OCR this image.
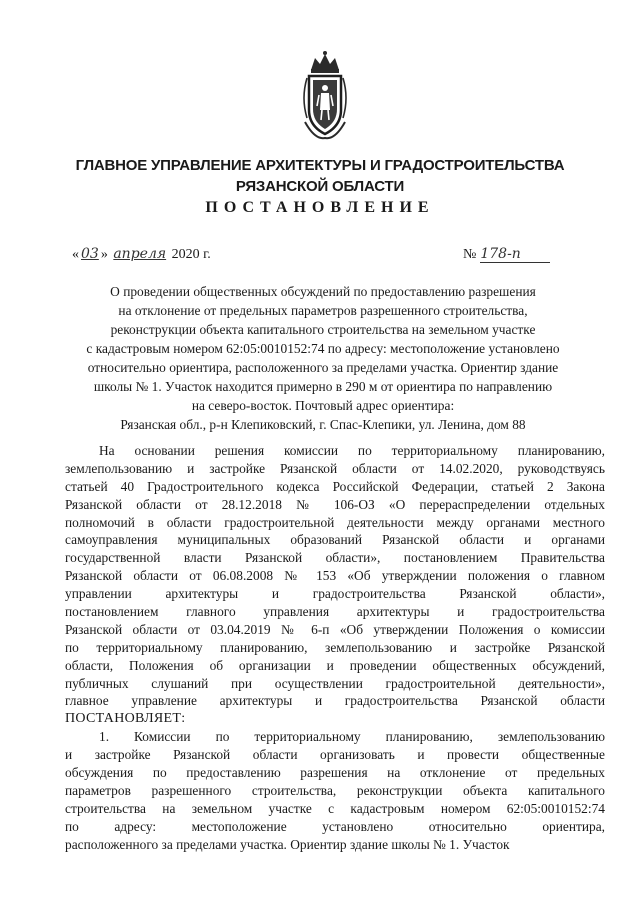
ГЛАВНОЕ УПРАВЛЕНИЕ АРХИТЕКТУРЫ И ГРАДОСТРОИТЕЛЬСТВА
РЯЗАНСКОЙ ОБЛАСТИ
ПОСТАНОВЛЕНИЕ
« 03 » апреля 2020 г.	№ 178-п
О проведении общественных обсуждений по предоставлению разрешения
на отклонение от предельных параметров разрешенного строительства,
реконструкции объекта капитального строительства на земельном участке
с кадастровым номером 62:05:0010152:74 по адресу: местоположение установлено
относительно ориентира, расположенного за пределами участка. Ориентир здание
школы № 1. Участок находится примерно в 290 м от ориентира по направлению
на северо-восток. Почтовый адрес ориентира:
Рязанская обл., р-н Клепиковский, г. Спас-Клепики, ул. Ленина, дом 88
На основании решения комиссии по территориальному планированию,
землепользованию и застройке Рязанской области от 14.02.2020, руководствуясь
статьей 40 Градостроительного кодекса Российской Федерации, статьей 2 Закона
Рязанской области от 28.12.2018 № 106-ОЗ «О перераспределении отдельных
полномочий в области градостроительной деятельности между органами местного
самоуправления муниципальных образований Рязанской области и органами
государственной власти Рязанской области», постановлением Правительства
Рязанской области от 06.08.2008 № 153 «Об утверждении положения о главном
управлении архитектуры и градостроительства Рязанской области»,
постановлением главного управления архитектуры и градостроительства
Рязанской области от 03.04.2019 № 6-п «Об утверждении Положения о комиссии
по территориальному планированию, землепользованию и застройке Рязанской
области, Положения об организации и проведении общественных обсуждений,
публичных слушаний при осуществлении градостроительной деятельности»,
главное управление архитектуры и градостроительства Рязанской области
ПОСТАНОВЛЯЕТ:
1. Комиссии по территориальному планированию, землепользованию
и застройке Рязанской области организовать и провести общественные
обсуждения по предоставлению разрешения на отклонение от предельных
параметров разрешенного строительства, реконструкции объекта капитального
строительства на земельном участке с кадастровым номером 62:05:0010152:74
по адресу: местоположение установлено относительно ориентира,
расположенного за пределами участка. Ориентир здание школы № 1. Участок
